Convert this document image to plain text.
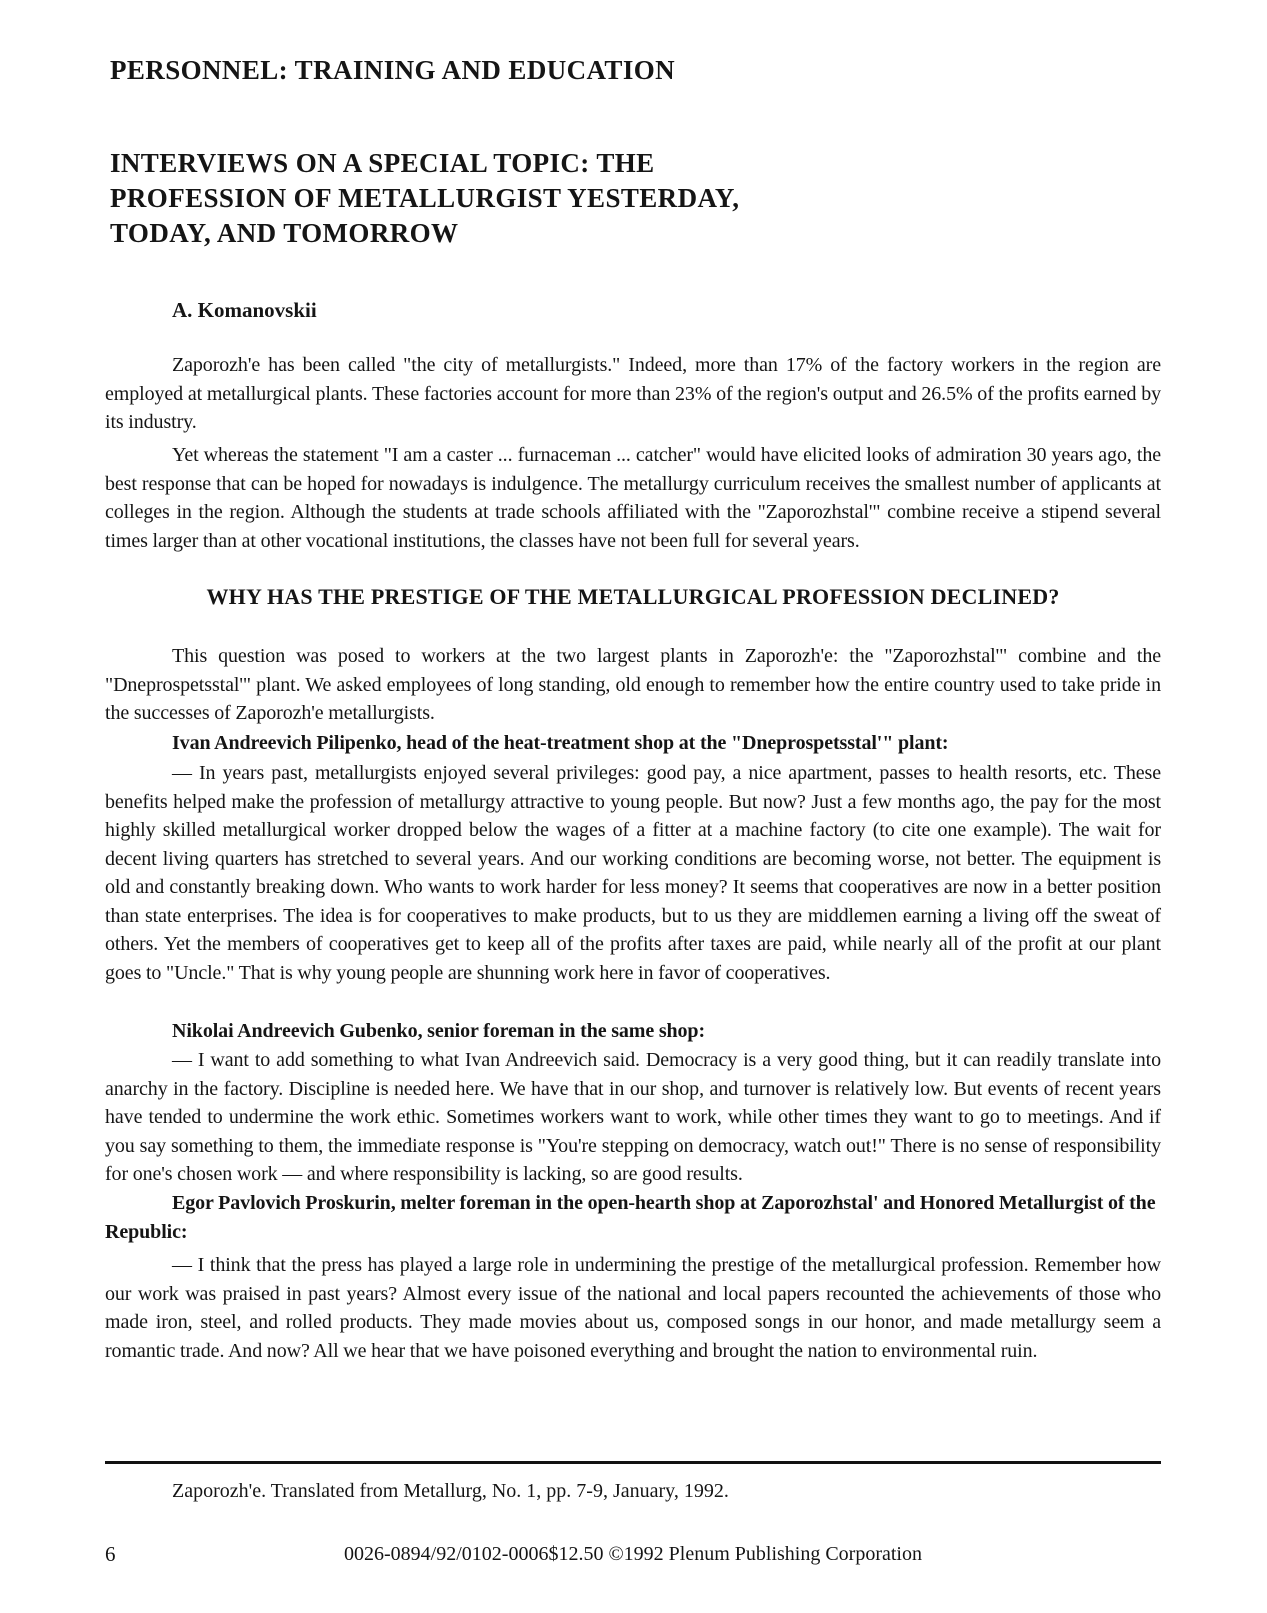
PERSONNEL: TRAINING AND EDUCATION
INTERVIEWS ON A SPECIAL TOPIC: THE
PROFESSION OF METALLURGIST YESTERDAY,
TODAY, AND TOMORROW
A. Komanovskii
Zaporozh'e has been called "the city of metallurgists." Indeed, more than 17% of the factory workers in the region are employed at metallurgical plants. These factories account for more than 23% of the region's output and 26.5% of the profits earned by its industry.
Yet whereas the statement "I am a caster ... furnaceman ... catcher" would have elicited looks of admiration 30 years ago, the best response that can be hoped for nowadays is indulgence. The metallurgy curriculum receives the smallest number of applicants at colleges in the region. Although the students at trade schools affiliated with the "Zaporozhstal'" combine receive a stipend several times larger than at other vocational institutions, the classes have not been full for several years.
WHY HAS THE PRESTIGE OF THE METALLURGICAL PROFESSION DECLINED?
This question was posed to workers at the two largest plants in Zaporozh'e: the "Zaporozhstal'" combine and the "Dneprospetsstal'" plant. We asked employees of long standing, old enough to remember how the entire country used to take pride in the successes of Zaporozh'e metallurgists.
Ivan Andreevich Pilipenko, head of the heat-treatment shop at the "Dneprospetsstal'" plant:
— In years past, metallurgists enjoyed several privileges: good pay, a nice apartment, passes to health resorts, etc. These benefits helped make the profession of metallurgy attractive to young people. But now? Just a few months ago, the pay for the most highly skilled metallurgical worker dropped below the wages of a fitter at a machine factory (to cite one example). The wait for decent living quarters has stretched to several years. And our working conditions are becoming worse, not better. The equipment is old and constantly breaking down. Who wants to work harder for less money? It seems that cooperatives are now in a better position than state enterprises. The idea is for cooperatives to make products, but to us they are middlemen earning a living off the sweat of others. Yet the members of cooperatives get to keep all of the profits after taxes are paid, while nearly all of the profit at our plant goes to "Uncle." That is why young people are shunning work here in favor of cooperatives.
Nikolai Andreevich Gubenko, senior foreman in the same shop:
— I want to add something to what Ivan Andreevich said. Democracy is a very good thing, but it can readily translate into anarchy in the factory. Discipline is needed here. We have that in our shop, and turnover is relatively low. But events of recent years have tended to undermine the work ethic. Sometimes workers want to work, while other times they want to go to meetings. And if you say something to them, the immediate response is "You're stepping on democracy, watch out!" There is no sense of responsibility for one's chosen work — and where responsibility is lacking, so are good results.
Egor Pavlovich Proskurin, melter foreman in the open-hearth shop at Zaporozhstal' and Honored Metallurgist of the Republic:
— I think that the press has played a large role in undermining the prestige of the metallurgical profession. Remember how our work was praised in past years? Almost every issue of the national and local papers recounted the achievements of those who made iron, steel, and rolled products. They made movies about us, composed songs in our honor, and made metallurgy seem a romantic trade. And now? All we hear that we have poisoned everything and brought the nation to environmental ruin.
Zaporozh'e. Translated from Metallurg, No. 1, pp. 7-9, January, 1992.
6	0026-0894/92/0102-0006$12.50 ©1992 Plenum Publishing Corporation
